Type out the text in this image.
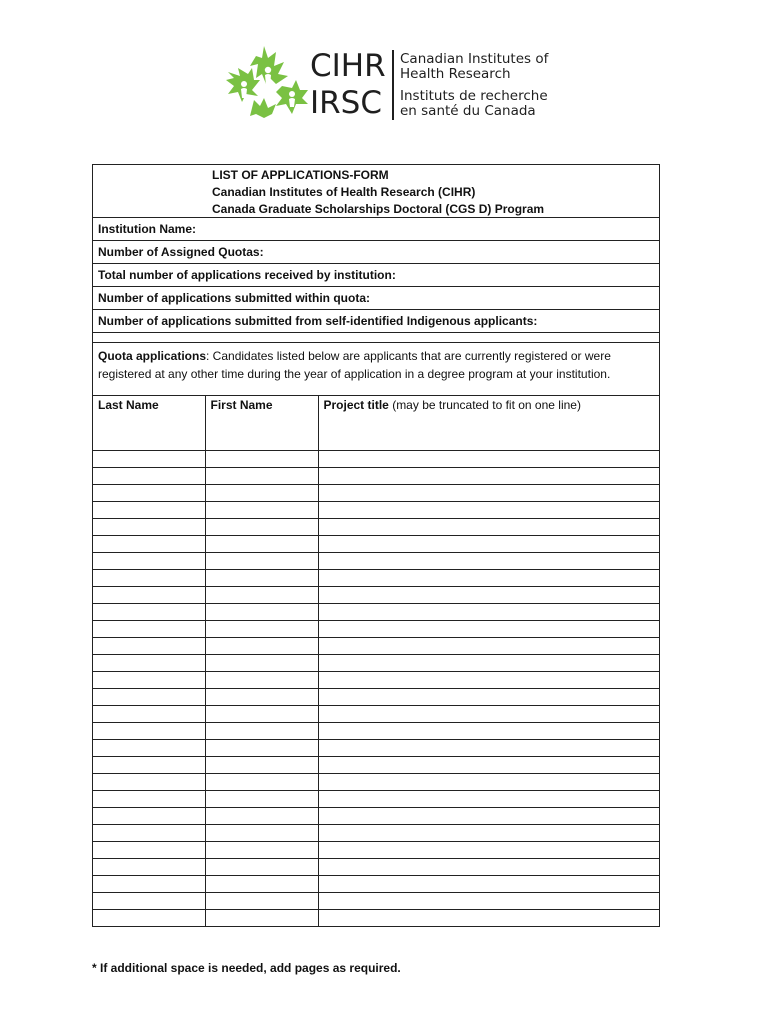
CIHR
IRSC
Canadian Institutes of
Health Research
Instituts de recherche
en santé du Canada
LIST OF APPLICATIONS-FORM
Canadian Institutes of Health Research (CIHR)
Canada Graduate Scholarships Doctoral (CGS D) Program
Institution Name:
Number of Assigned Quotas:
Total number of applications received by institution:
Number of applications submitted within quota:
Number of applications submitted from self-identified Indigenous applicants:
Quota applications: Candidates listed below are applicants that are currently registered or were registered at any other time during the year of application in a degree program at your institution.
Last Name	First Name	Project title (may be truncated to fit on one line)

* If additional space is needed, add pages as required.
